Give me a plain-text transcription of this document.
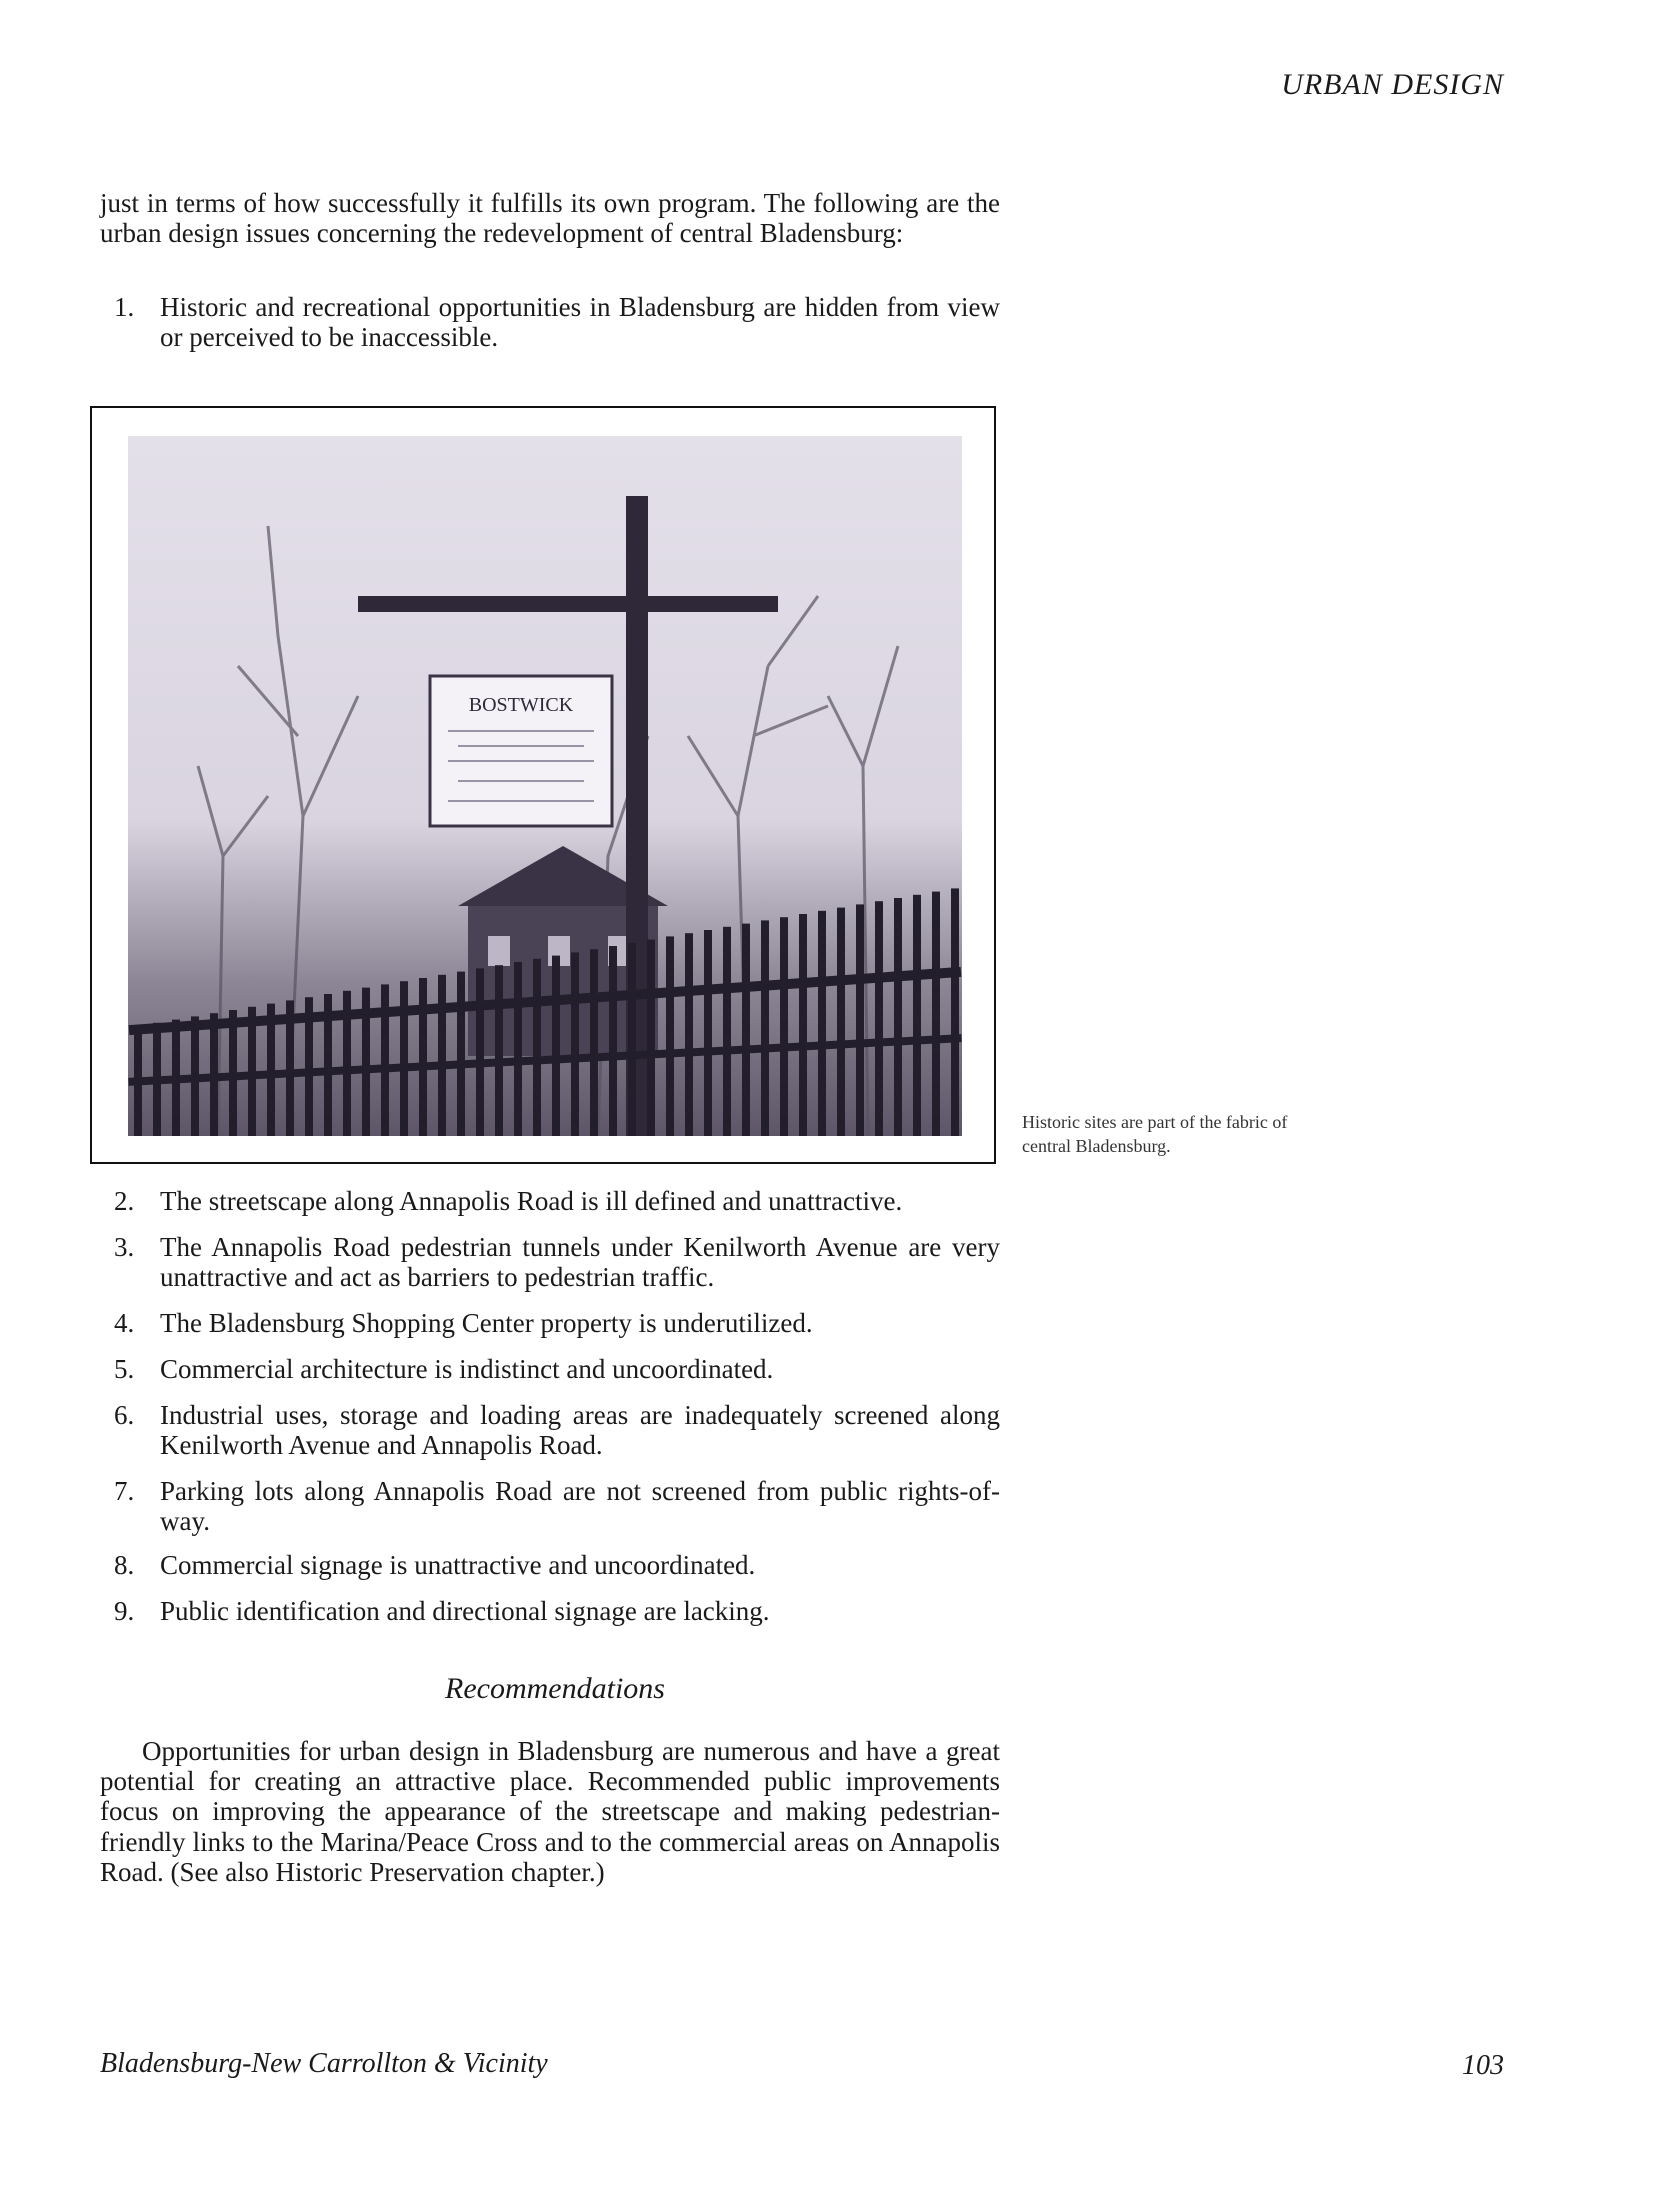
URBAN DESIGN

just in terms of how successfully it fulfills its own program. The following are the urban design issues concerning the redevelopment of central Bladensburg:

1. Historic and recreational opportunities in Bladensburg are hidden from view or perceived to be inaccessible.
BOSTWICK
Historic sites are part of the fabric of central Bladensburg.
2. The streetscape along Annapolis Road is ill defined and unattractive.
3. The Annapolis Road pedestrian tunnels under Kenilworth Avenue are very unattractive and act as barriers to pedestrian traffic.
4. The Bladensburg Shopping Center property is underutilized.
5. Commercial architecture is indistinct and uncoordinated.
6. Industrial uses, storage and loading areas are inadequately screened along Kenilworth Avenue and Annapolis Road.
7. Parking lots along Annapolis Road are not screened from public rights-of-way.
8. Commercial signage is unattractive and uncoordinated.
9. Public identification and directional signage are lacking.
Recommendations

Opportunities for urban design in Bladensburg are numerous and have a great potential for creating an attractive place. Recommended public improvements focus on improving the appearance of the streetscape and making pedestrian-friendly links to the Marina/Peace Cross and to the commercial areas on Annapolis Road. (See also Historic Preservation chapter.)

Bladensburg-New Carrollton & Vicinity	103
